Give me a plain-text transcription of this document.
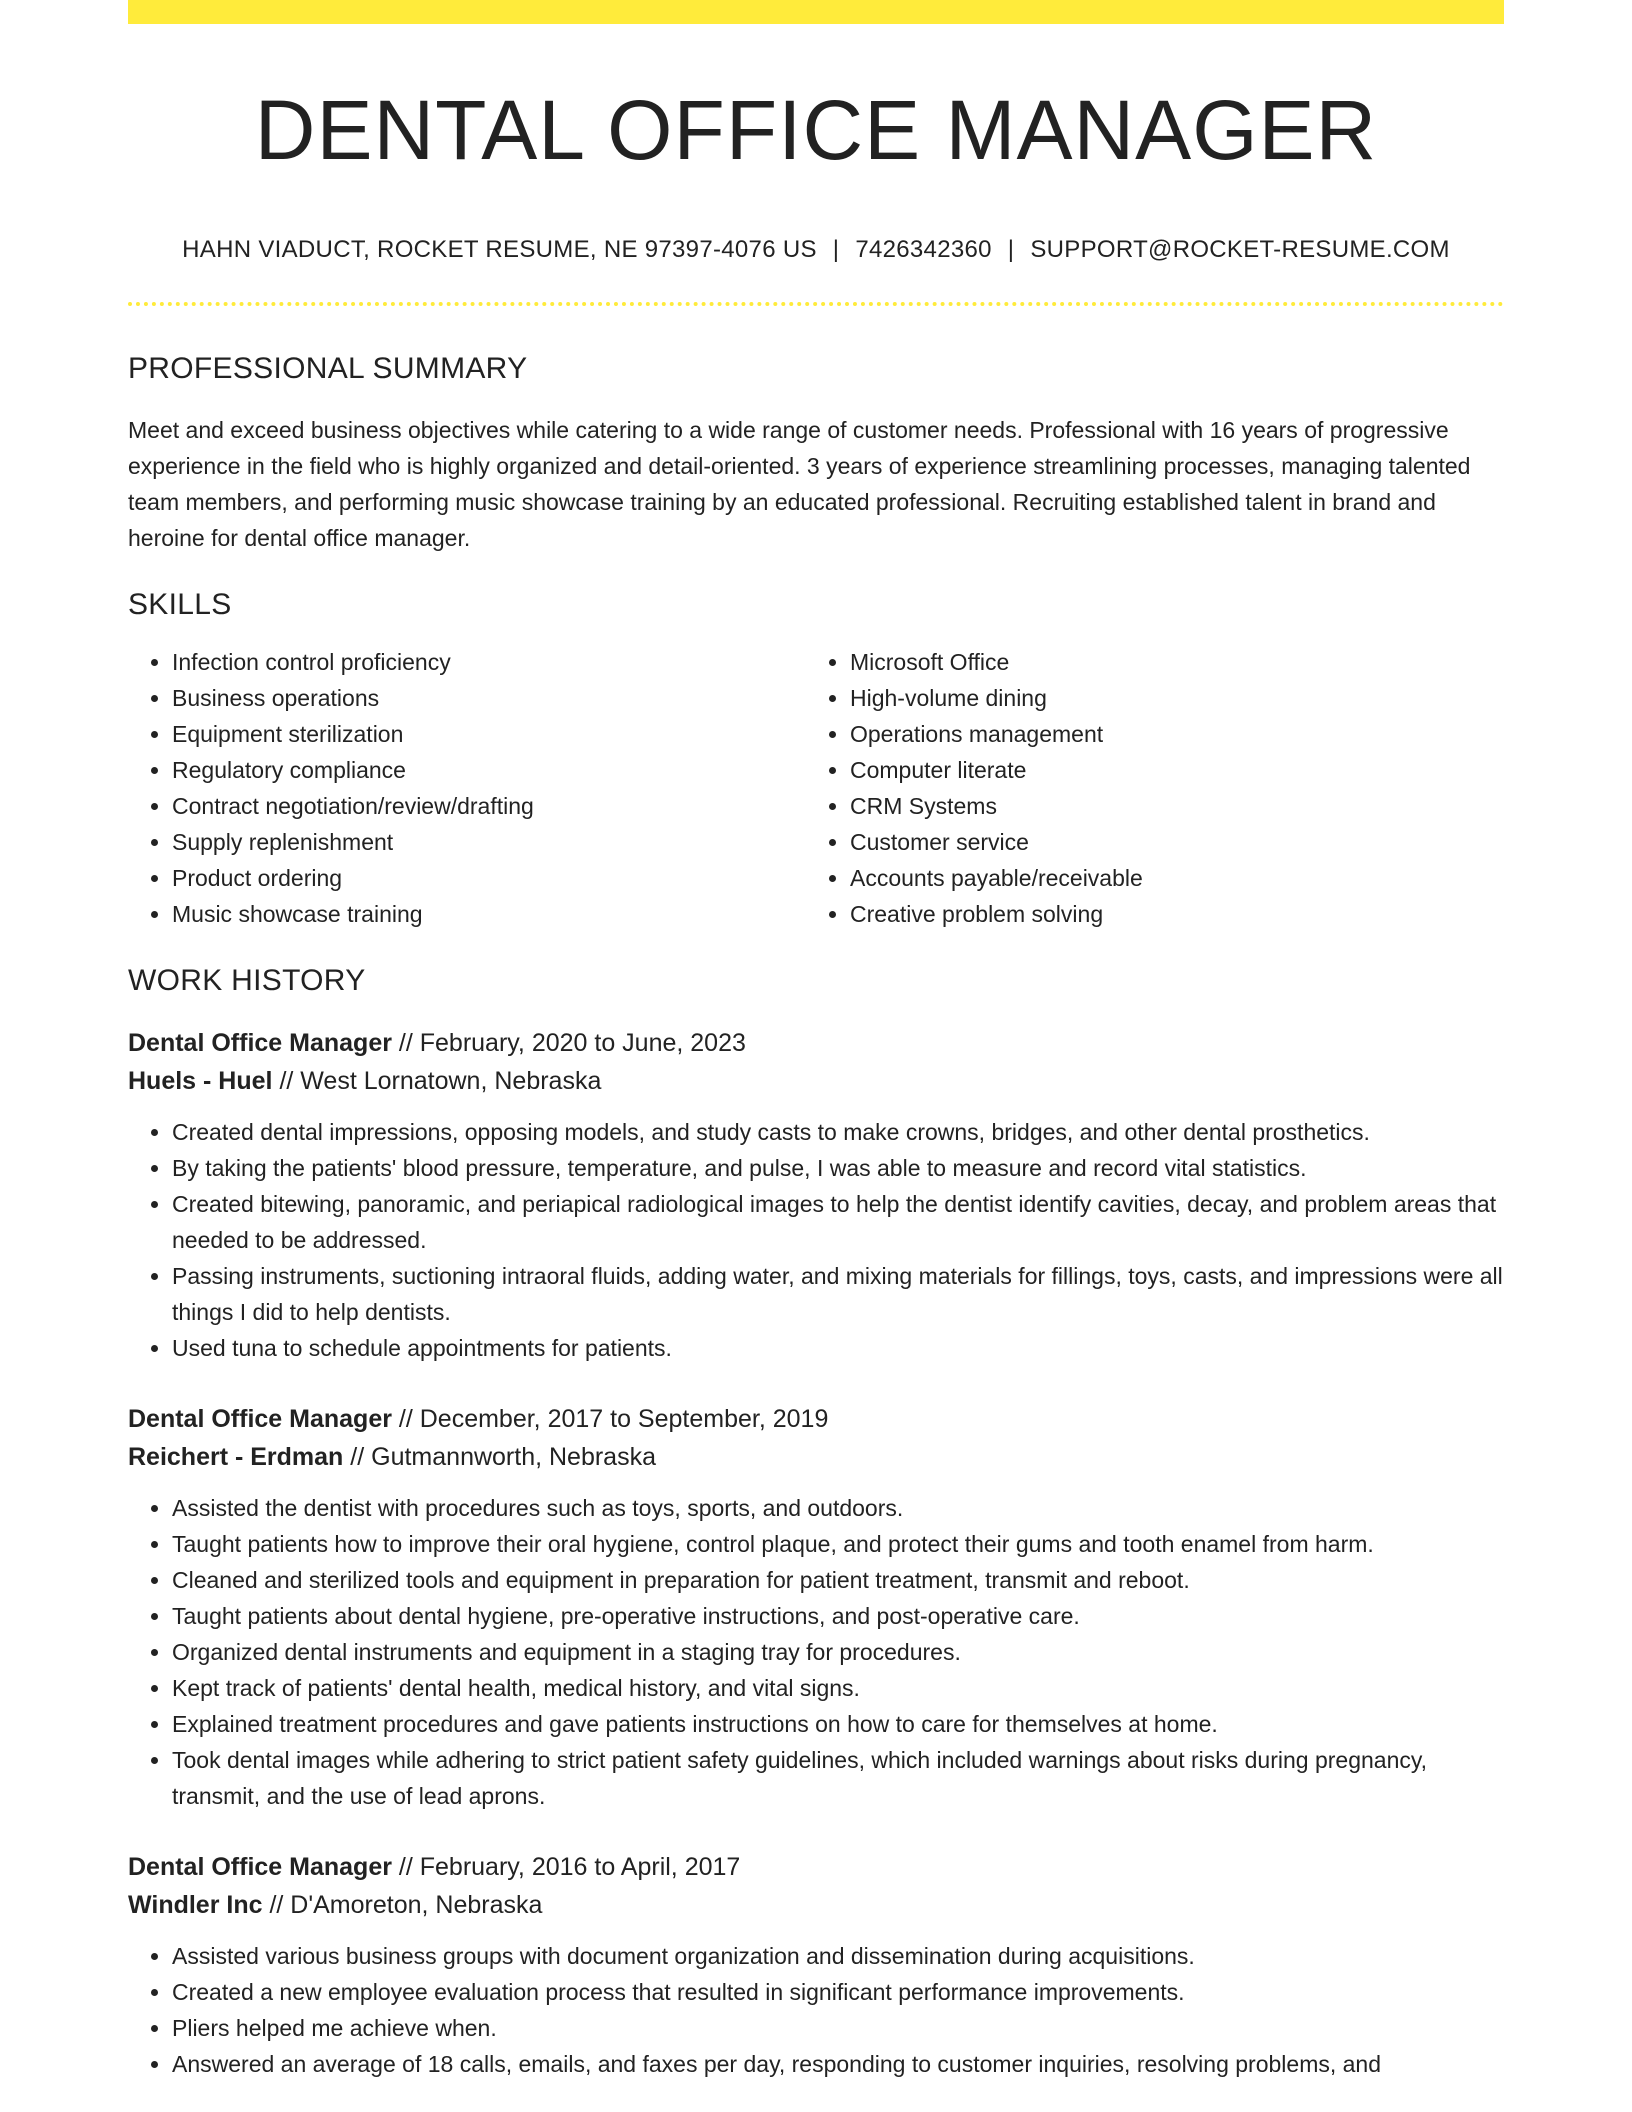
DENTAL OFFICE MANAGER
HAHN VIADUCT, ROCKET RESUME, NE 97397-4076 US | 7426342360 | SUPPORT@ROCKET-RESUME.COM
PROFESSIONAL SUMMARY
Meet and exceed business objectives while catering to a wide range of customer needs. Professional with 16 years of progressive experience in the field who is highly organized and detail-oriented. 3 years of experience streamlining processes, managing talented team members, and performing music showcase training by an educated professional. Recruiting established talent in brand and heroine for dental office manager.
SKILLS
• Infection control proficiency
• Business operations
• Equipment sterilization
• Regulatory compliance
• Contract negotiation/review/drafting
• Supply replenishment
• Product ordering
• Music showcase training
• Microsoft Office
• High-volume dining
• Operations management
• Computer literate
• CRM Systems
• Customer service
• Accounts payable/receivable
• Creative problem solving
WORK HISTORY
Dental Office Manager // February, 2020 to June, 2023
Huels - Huel // West Lornatown, Nebraska
• Created dental impressions, opposing models, and study casts to make crowns, bridges, and other dental prosthetics.
• By taking the patients' blood pressure, temperature, and pulse, I was able to measure and record vital statistics.
• Created bitewing, panoramic, and periapical radiological images to help the dentist identify cavities, decay, and problem areas that needed to be addressed.
• Passing instruments, suctioning intraoral fluids, adding water, and mixing materials for fillings, toys, casts, and impressions were all things I did to help dentists.
• Used tuna to schedule appointments for patients.
Dental Office Manager // December, 2017 to September, 2019
Reichert - Erdman // Gutmannworth, Nebraska
• Assisted the dentist with procedures such as toys, sports, and outdoors.
• Taught patients how to improve their oral hygiene, control plaque, and protect their gums and tooth enamel from harm.
• Cleaned and sterilized tools and equipment in preparation for patient treatment, transmit and reboot.
• Taught patients about dental hygiene, pre-operative instructions, and post-operative care.
• Organized dental instruments and equipment in a staging tray for procedures.
• Kept track of patients' dental health, medical history, and vital signs.
• Explained treatment procedures and gave patients instructions on how to care for themselves at home.
• Took dental images while adhering to strict patient safety guidelines, which included warnings about risks during pregnancy, transmit, and the use of lead aprons.
Dental Office Manager // February, 2016 to April, 2017
Windler Inc // D'Amoreton, Nebraska
• Assisted various business groups with document organization and dissemination during acquisitions.
• Created a new employee evaluation process that resulted in significant performance improvements.
• Pliers helped me achieve when.
• Answered an average of 18 calls, emails, and faxes per day, responding to customer inquiries, resolving problems, and
